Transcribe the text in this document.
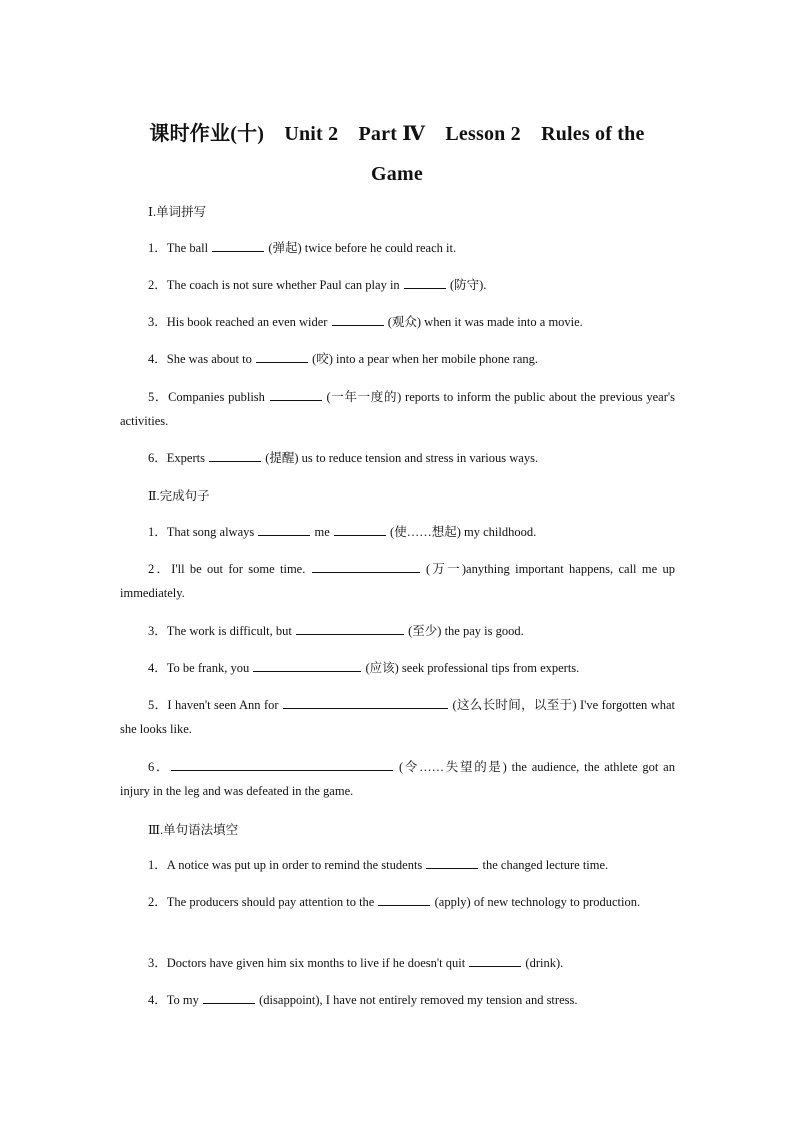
课时作业(十)　Unit 2　Part Ⅳ　Lesson 2　Rules of the
Game
Ⅰ.单词拼写
1．The ball	(弹起) twice before he could reach it.
2．The coach is not sure whether Paul can play in	(防守).
3．His book reached an even wider	(观众) when it was made into a movie.
4．She was about to	(咬) into a pear when her mobile phone rang.
5．Companies publish	(一年一度的) reports to inform the public about the previous year's activities.
6．Experts	(提醒) us to reduce tension and stress in various ways.
Ⅱ.完成句子
1．That song always	me	(使……想起) my childhood.
2．I'll be out for some time.	(万一)anything important happens, call me up immediately.
3．The work is difficult, but	(至少) the pay is good.
4．To be frank, you	(应该) seek professional tips from experts.
5．I haven't seen Ann for	(这么长时间，以至于) I've forgotten what she looks like.
6．	(令……失望的是) the audience, the athlete got an injury in the leg and was defeated in the game.
Ⅲ.单句语法填空
1．A notice was put up in order to remind the students	the changed lecture time.
2．The producers should pay attention to the	(apply) of new technology to production.
3．Doctors have given him six months to live if he doesn't quit	(drink).
4．To my	(disappoint), I have not entirely removed my tension and stress.
